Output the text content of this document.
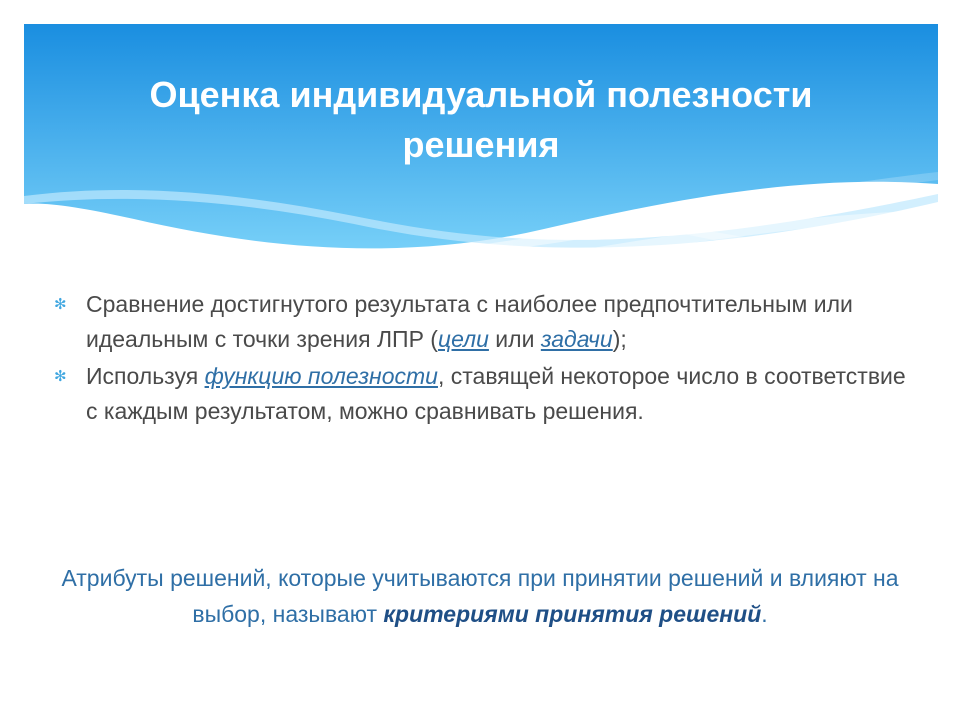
Оценка индивидуальной полезности
решения
✻ Сравнение достигнутого результата с наиболее предпочтительным или идеальным с точки зрения ЛПР (цели или задачи);
✻ Используя функцию полезности, ставящей некоторое число в соответствие с каждым результатом, можно сравнивать решения.
Атрибуты решений, которые учитываются при принятии решений и влияют на выбор, называют критериями принятия решений.
